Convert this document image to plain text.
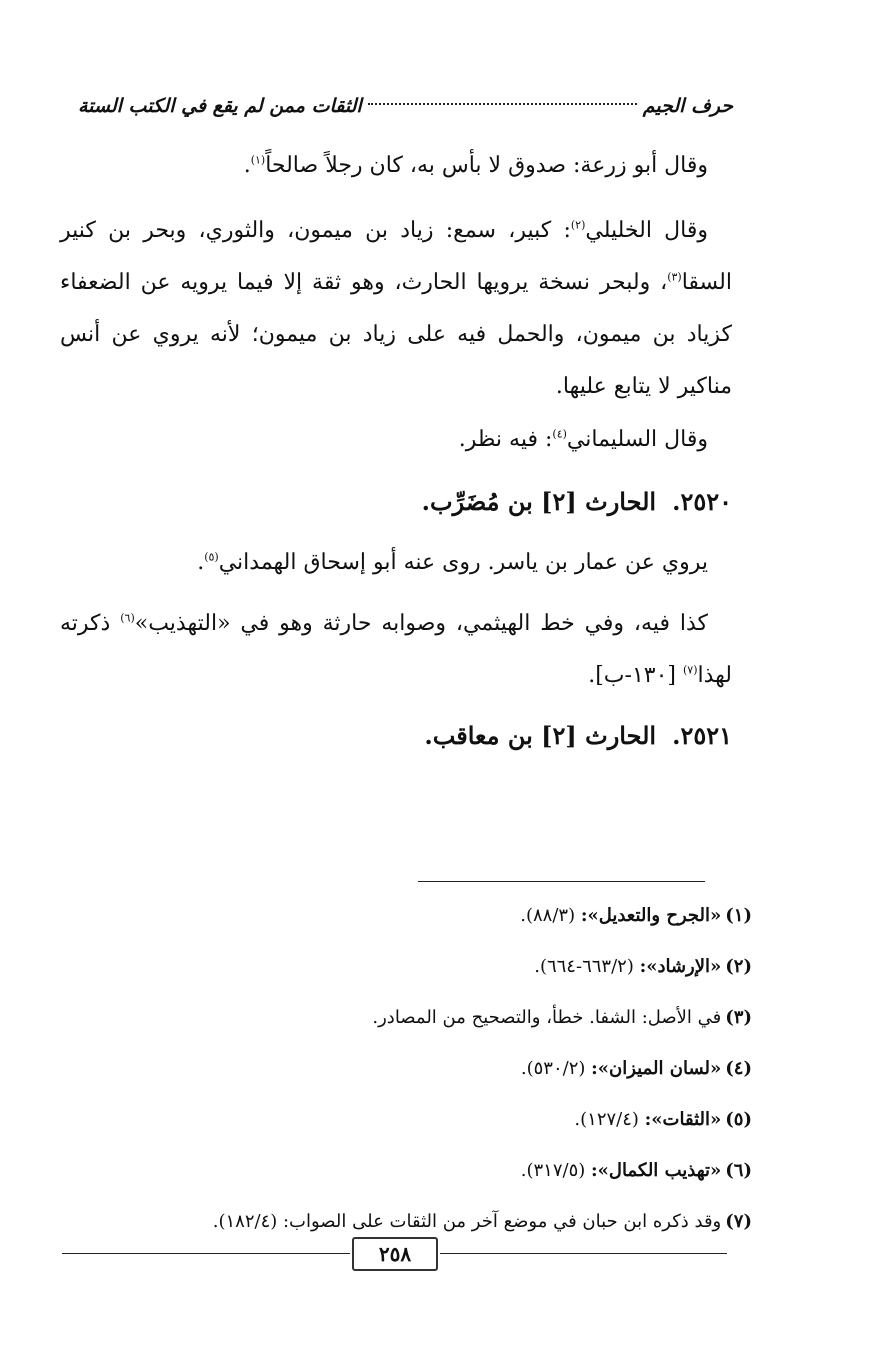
حرف الجيم
الثقات ممن لم يقع في الكتب الستة
وقال أبو زرعة: صدوق لا بأس به، كان رجلاً صالحاً$^{(١)}$.
وقال الخليلي$^{(٢)}$: كبير، سمع: زياد بن ميمون، والثوري، وبحر بن كنير السقا$^{(٣)}$، ولبحر نسخة يرويها الحارث، وهو ثقة إلا فيما يرويه عن الضعفاء كزياد بن ميمون، والحمل فيه على زياد بن ميمون؛ لأنه يروي عن أنس مناكير لا يتابع عليها.
وقال السليماني$^{(٤)}$: فيه نظر.
٢٥٢٠.الحارث [٢] بن مُضَرِّب.
يروي عن عمار بن ياسر. روى عنه أبو إسحاق الهمداني$^{(٥)}$.
كذا فيه، وفي خط الهيثمي، وصوابه حارثة وهو في «التهذيب»$^{(٦)}$ ذكرته لهذا$^{(٧)}$ [١٣٠-ب].
٢٥٢١.الحارث [٢] بن معاقب.
(١)«الجرح والتعديل»: (٨٨/٣).
(٢)«الإرشاد»: (٦٦٣/٢-٦٦٤).
(٣)في الأصل: الشفا. خطأ، والتصحيح من المصادر.
(٤)«لسان الميزان»: (٥٣٠/٢).
(٥)«الثقات»: (١٢٧/٤).
(٦)«تهذيب الكمال»: (٣١٧/٥).
(٧)وقد ذكره ابن حبان في موضع آخر من الثقات على الصواب: (١٨٢/٤).
٢٥٨
